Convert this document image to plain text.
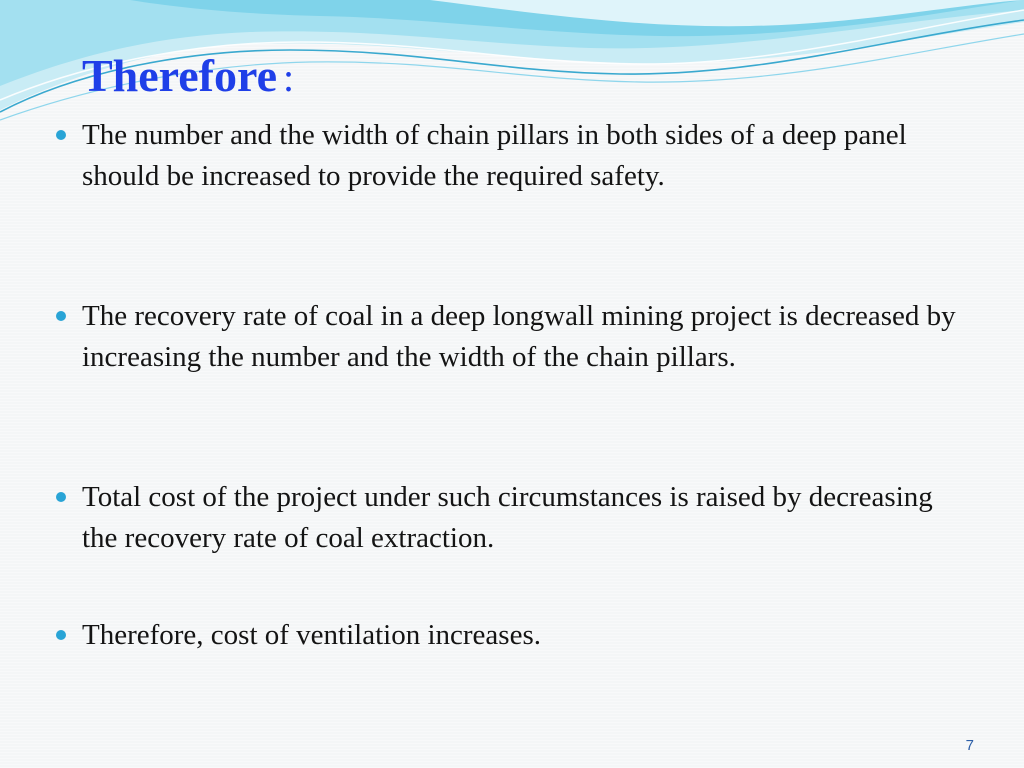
Therefore :
The number and the width of chain pillars in both sides of a deep panel should be increased to provide the required safety.
The recovery rate of coal in a deep longwall mining project is decreased by increasing the number and the width of the chain pillars.
Total cost of the project under such circumstances is raised by decreasing the recovery rate of coal extraction.
Therefore, cost of ventilation increases.
7
